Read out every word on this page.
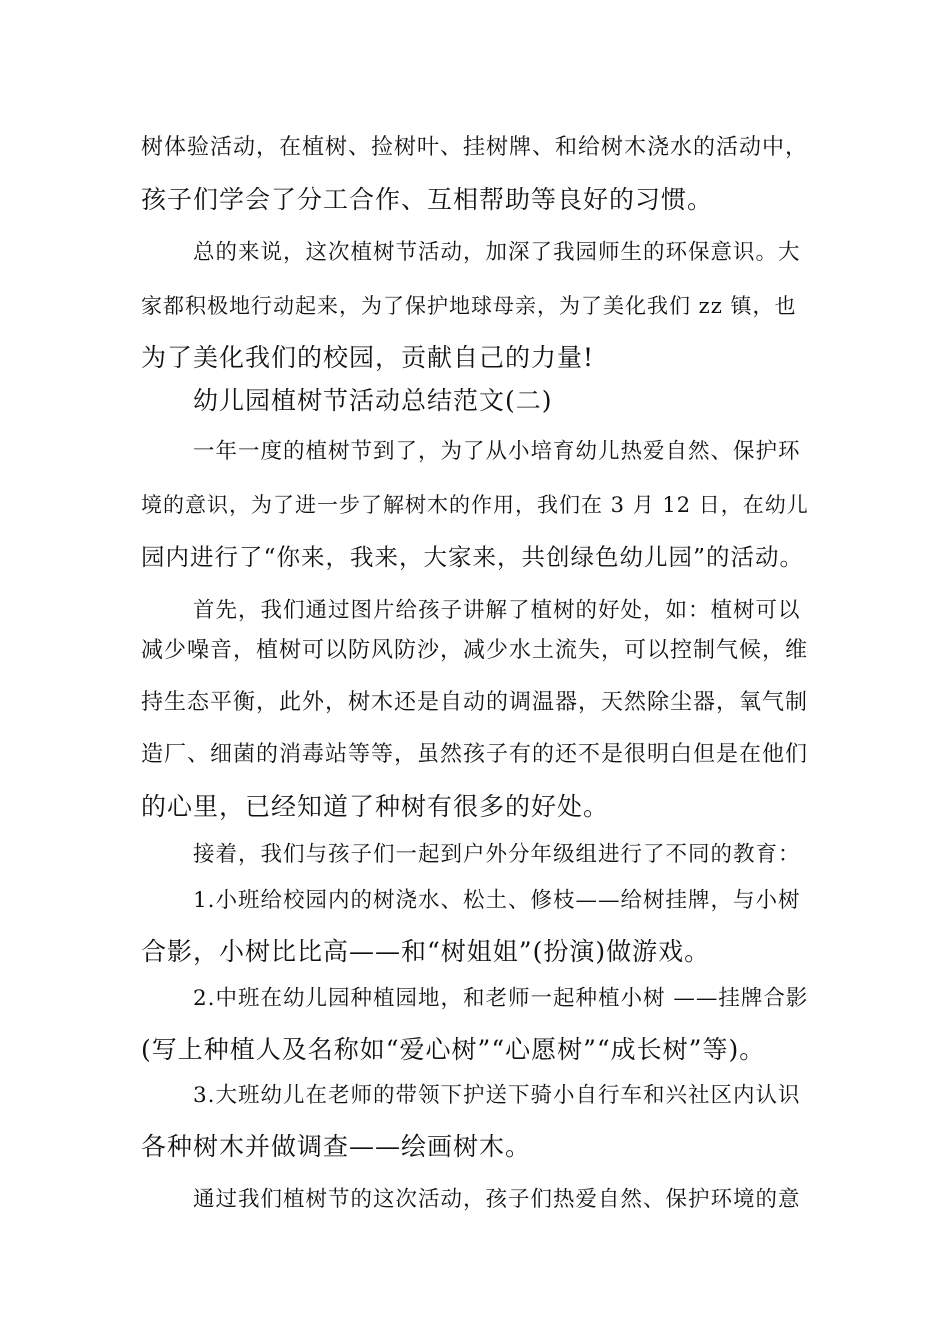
树体验活动，在植树、捡树叶、挂树牌、和给树木浇水的活动中，
孩子们学会了分工合作、互相帮助等良好的习惯。
总的来说，这次植树节活动，加深了我园师生的环保意识。大
家都积极地行动起来，为了保护地球母亲，为了美化我们 zz 镇，也
为了美化我们的校园，贡献自己的力量!
幼儿园植树节活动总结范文(二)
一年一度的植树节到了，为了从小培育幼儿热爱自然、保护环
境的意识，为了进一步了解树木的作用，我们在 3 月 12 日，在幼儿
园内进行了“你来，我来，大家来，共创绿色幼儿园”的活动。
首先，我们通过图片给孩子讲解了植树的好处，如：植树可以
减少噪音，植树可以防风防沙，减少水土流失，可以控制气候，维
持生态平衡，此外，树木还是自动的调温器，天然除尘器，氧气制
造厂、细菌的消毒站等等，虽然孩子有的还不是很明白但是在他们
的心里，已经知道了种树有很多的好处。
接着，我们与孩子们一起到户外分年级组进行了不同的教育：
1.小班给校园内的树浇水、松土、修枝——给树挂牌，与小树
合影，小树比比高——和“树姐姐”(扮演)做游戏。
2.中班在幼儿园种植园地，和老师一起种植小树 ——挂牌合影
(写上种植人及名称如“爱心树”“心愿树”“成长树”等)。
3.大班幼儿在老师的带领下护送下骑小自行车和兴社区内认识
各种树木并做调查——绘画树木。
通过我们植树节的这次活动，孩子们热爱自然、保护环境的意
